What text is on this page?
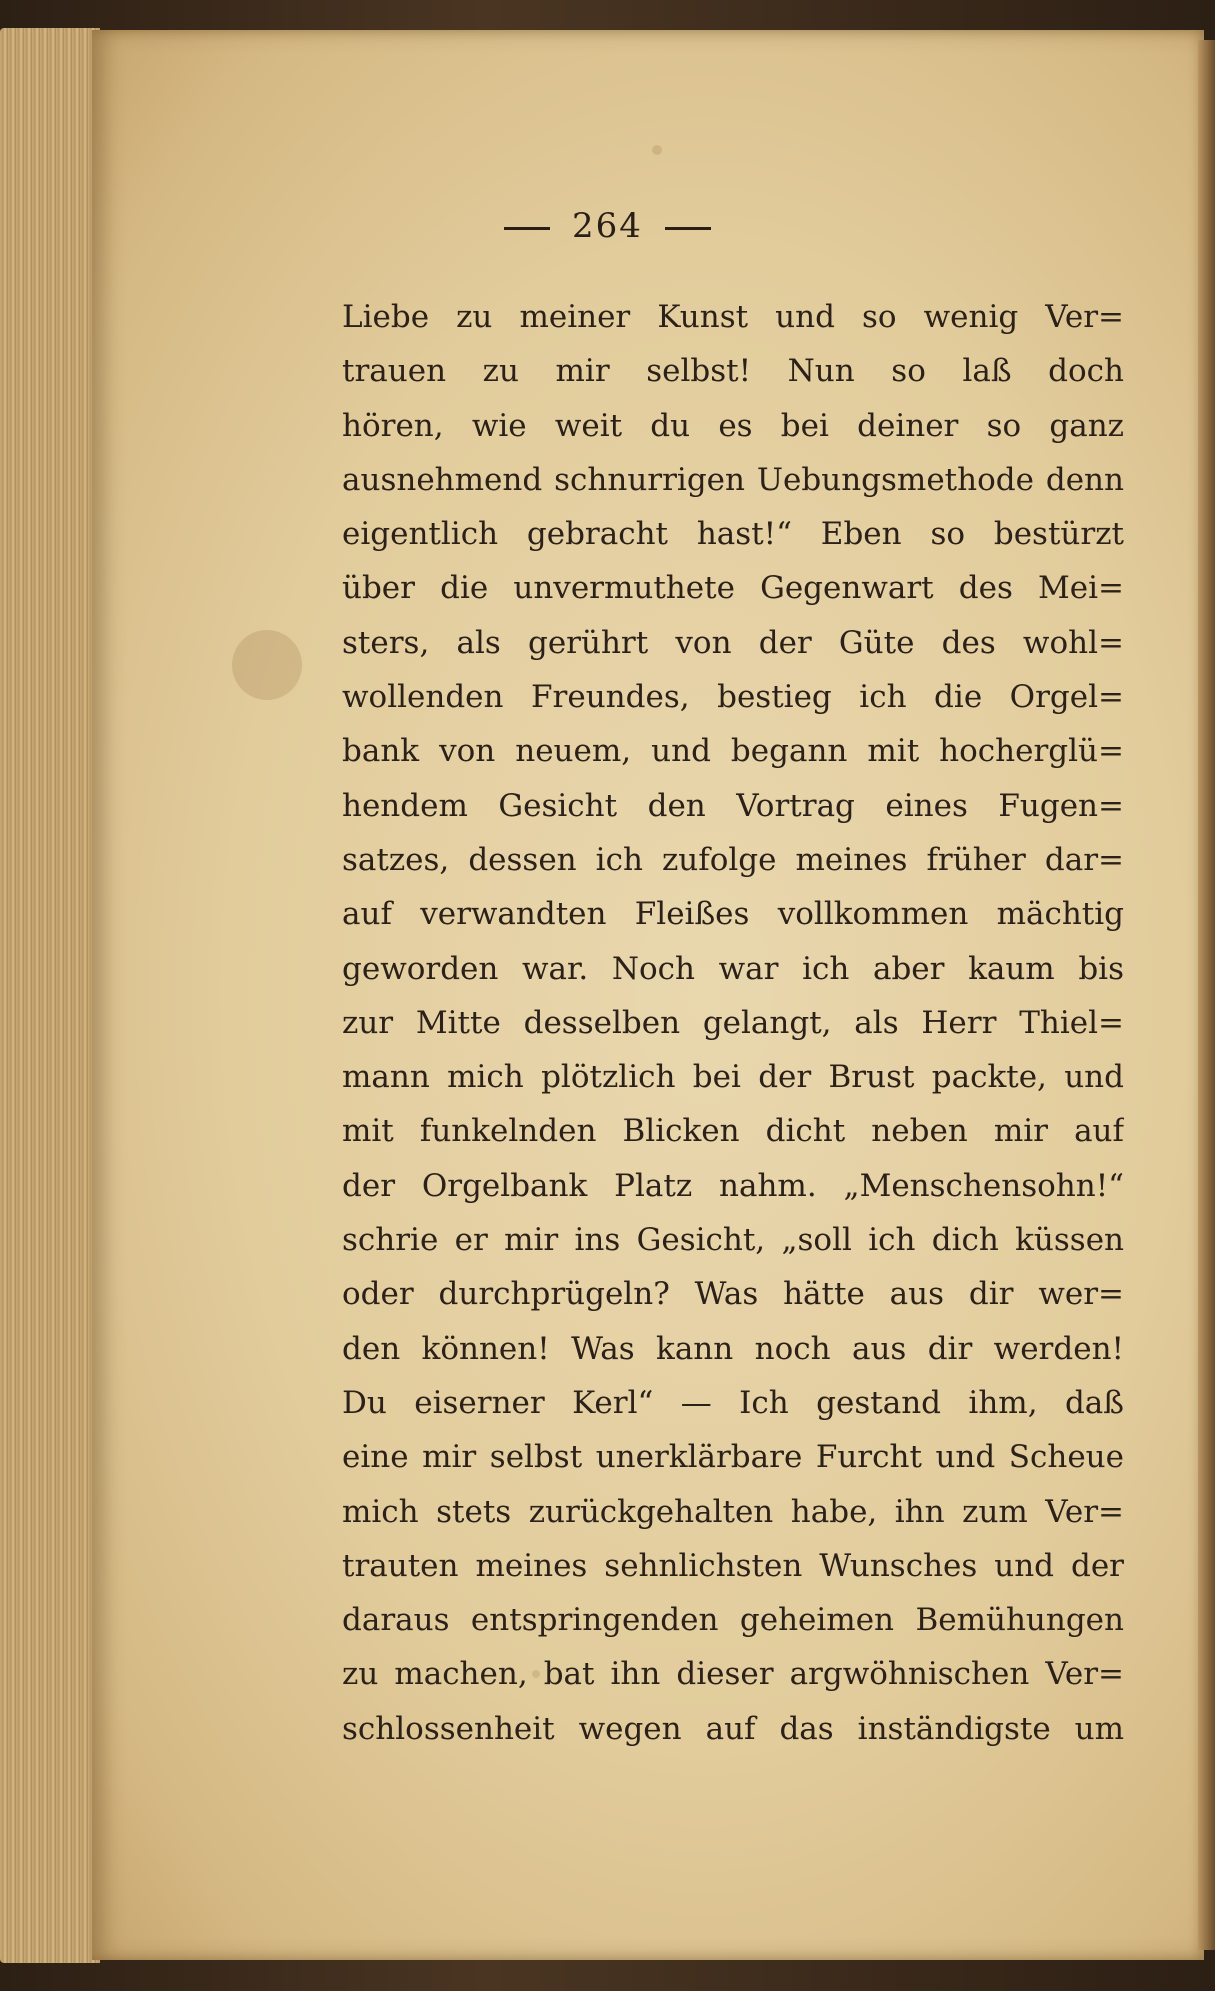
264
Liebe zu meiner Kunst und so wenig Ver=
trauen zu mir selbst! Nun so laß doch
hören, wie weit du es bei deiner so ganz
ausnehmend schnurrigen Uebungsmethode denn
eigentlich gebracht hast!“ Eben so bestürzt
über die unvermuthete Gegenwart des Mei=
sters, als gerührt von der Güte des wohl=
wollenden Freundes, bestieg ich die Orgel=
bank von neuem, und begann mit hocherglü=
hendem Gesicht den Vortrag eines Fugen=
satzes, dessen ich zufolge meines früher dar=
auf verwandten Fleißes vollkommen mächtig
geworden war. Noch war ich aber kaum bis
zur Mitte desselben gelangt, als Herr Thiel=
mann mich plötzlich bei der Brust packte, und
mit funkelnden Blicken dicht neben mir auf
der Orgelbank Platz nahm. „Menschensohn!“
schrie er mir ins Gesicht, „soll ich dich küssen
oder durchprügeln? Was hätte aus dir wer=
den können! Was kann noch aus dir werden!
Du eiserner Kerl“ — Ich gestand ihm, daß
eine mir selbst unerklärbare Furcht und Scheue
mich stets zurückgehalten habe, ihn zum Ver=
trauten meines sehnlichsten Wunsches und der
daraus entspringenden geheimen Bemühungen
zu machen, bat ihn dieser argwöhnischen Ver=
schlossenheit wegen auf das inständigste um
